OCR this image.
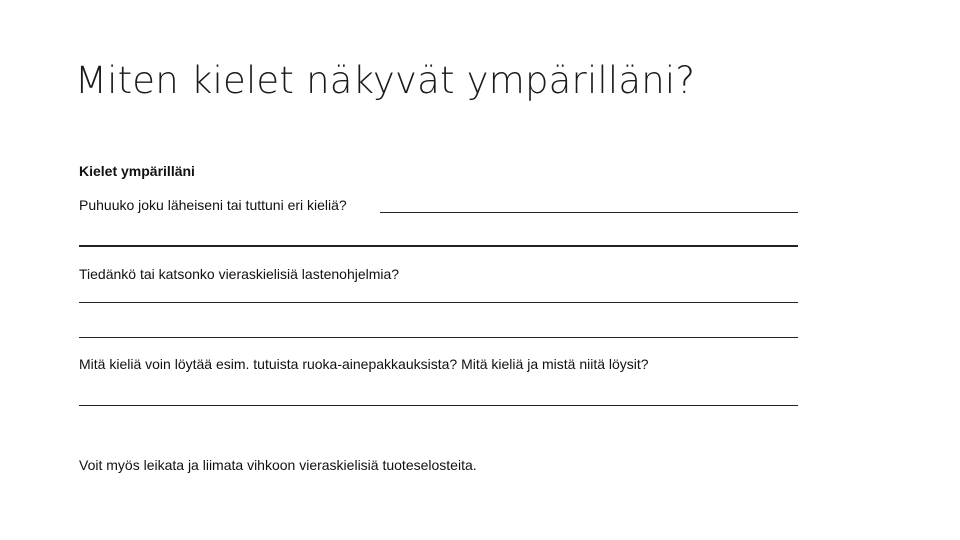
Miten kielet näkyvät ympärilläni?
Kielet ympärilläni
Puhuuko joku läheiseni tai tuttuni eri kieliä?
Tiedänkö tai katsonko vieraskielisiä lastenohjelmia?
Mitä kieliä voin löytää esim. tutuista ruoka-ainepakkauksista? Mitä kieliä ja mistä niitä löysit?
Voit myös leikata ja liimata vihkoon vieraskielisiä tuoteselosteita.
